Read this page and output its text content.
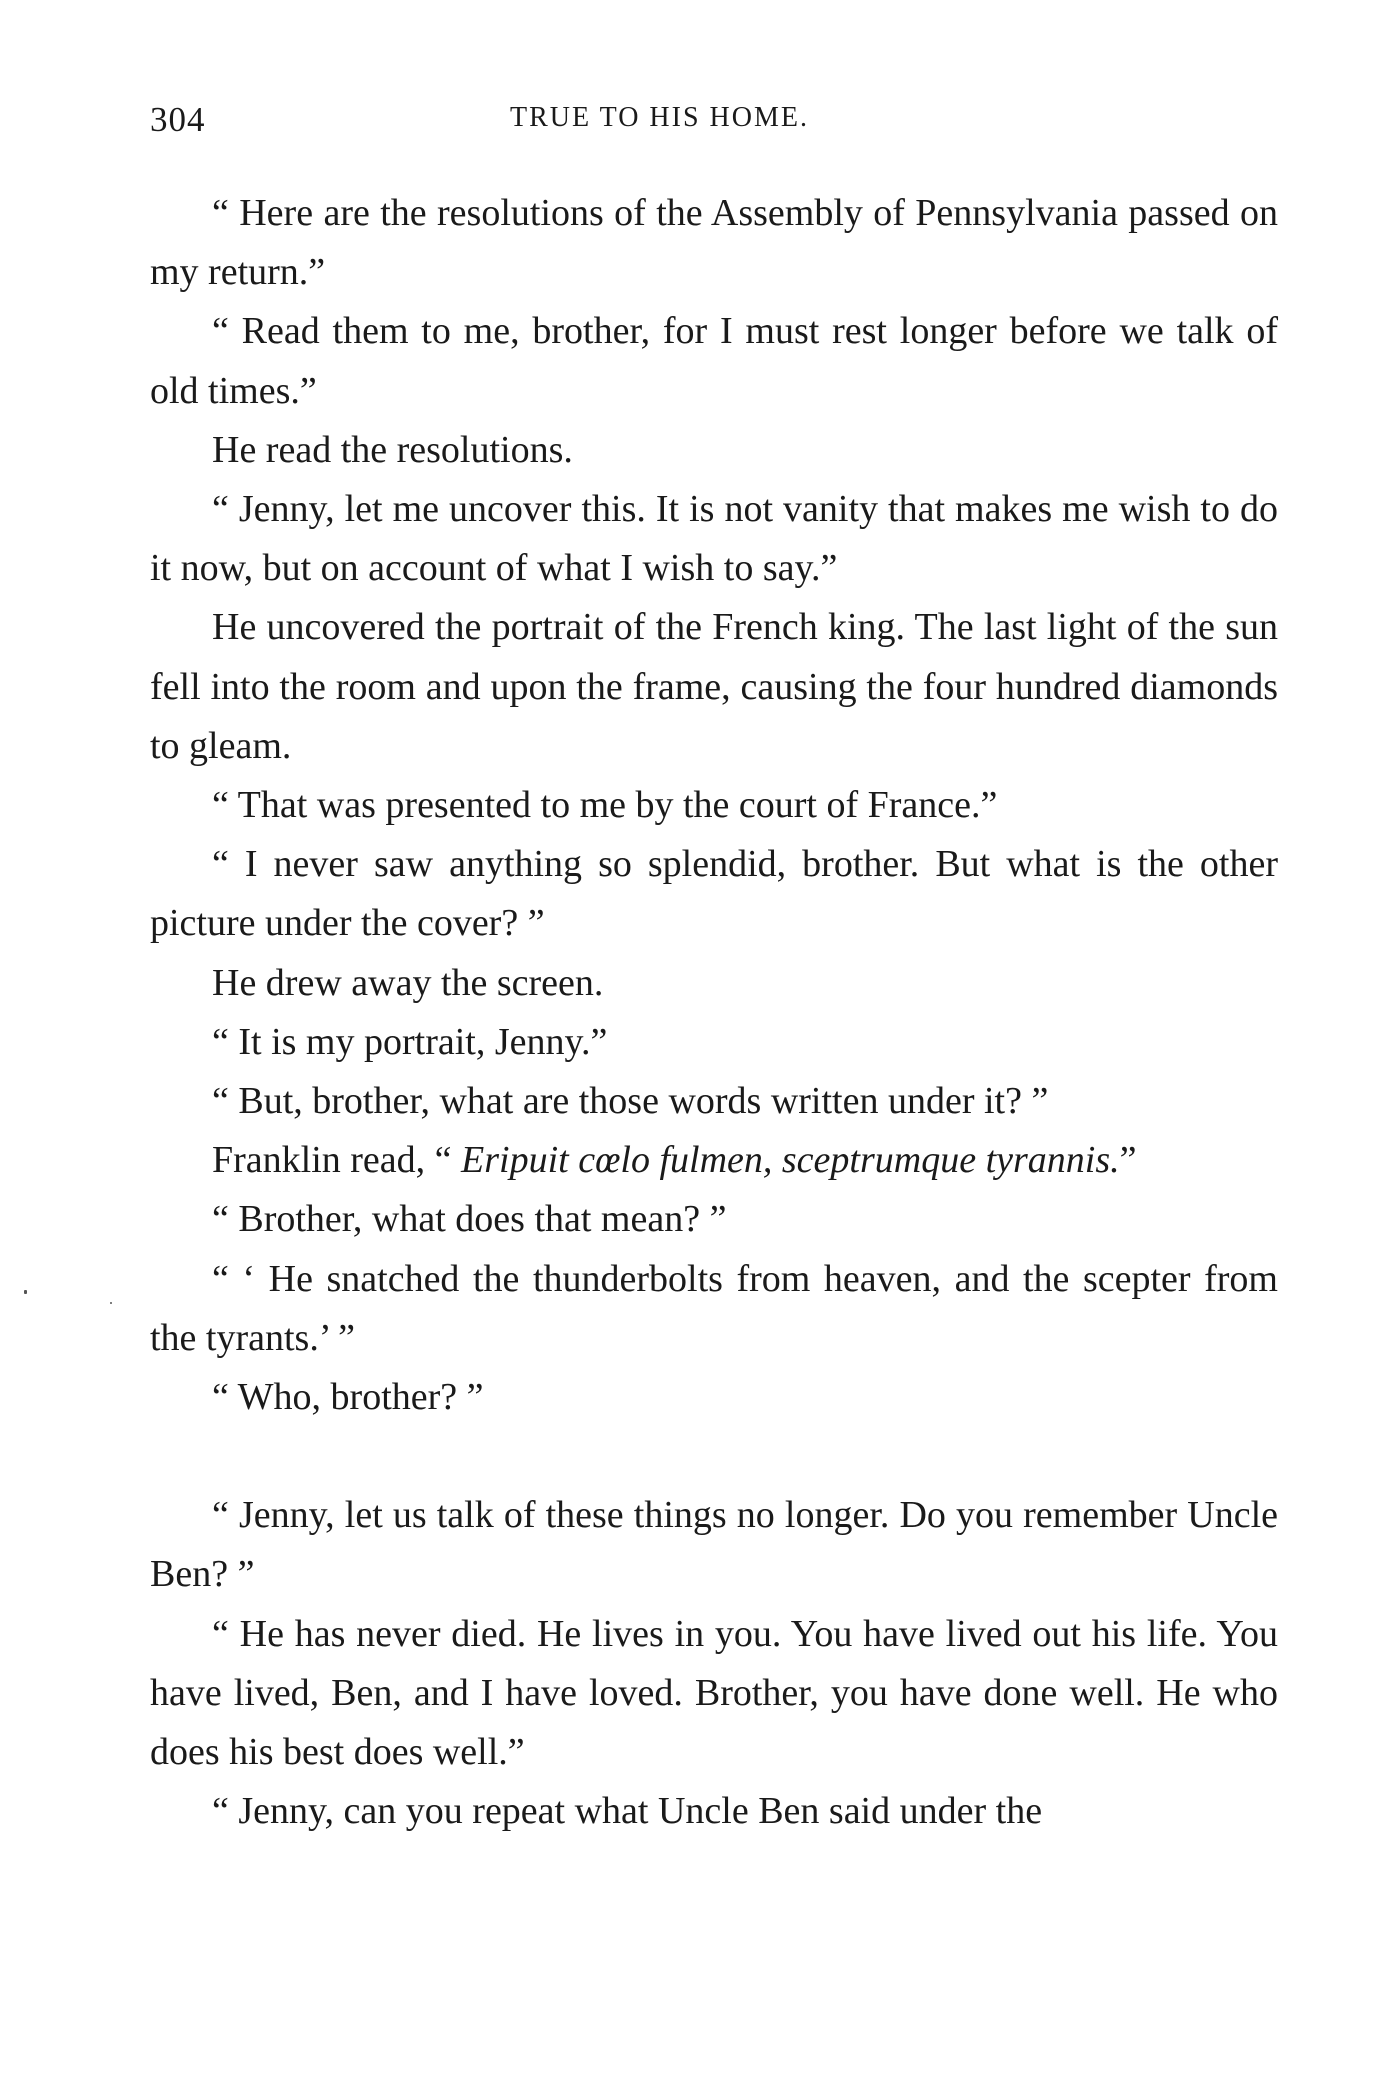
304	TRUE TO HIS HOME.

“ Here are the resolutions of the Assembly of Pennsylvania passed on my return.”

“ Read them to me, brother, for I must rest longer before we talk of old times.”

He read the resolutions.

“ Jenny, let me uncover this. It is not vanity that makes me wish to do it now, but on account of what I wish to say.”

He uncovered the portrait of the French king. The last light of the sun fell into the room and upon the frame, causing the four hundred diamonds to gleam.

“ That was presented to me by the court of France.”

“ I never saw anything so splendid, brother. But what is the other picture under the cover? ”

He drew away the screen.

“ It is my portrait, Jenny.”

“ But, brother, what are those words written under it? ”

Franklin read, “ Eripuit cœlo fulmen, sceptrumque tyrannis.”

“ Brother, what does that mean? ”

“ ‘ He snatched the thunderbolts from heaven, and the scepter from the tyrants.’ ”

“ Who, brother? ”

“ Jenny, let us talk of these things no longer. Do you remember Uncle Ben? ”

“ He has never died. He lives in you. You have lived out his life. You have lived, Ben, and I have loved. Brother, you have done well. He who does his best does well.”

“ Jenny, can you repeat what Uncle Ben said under the
